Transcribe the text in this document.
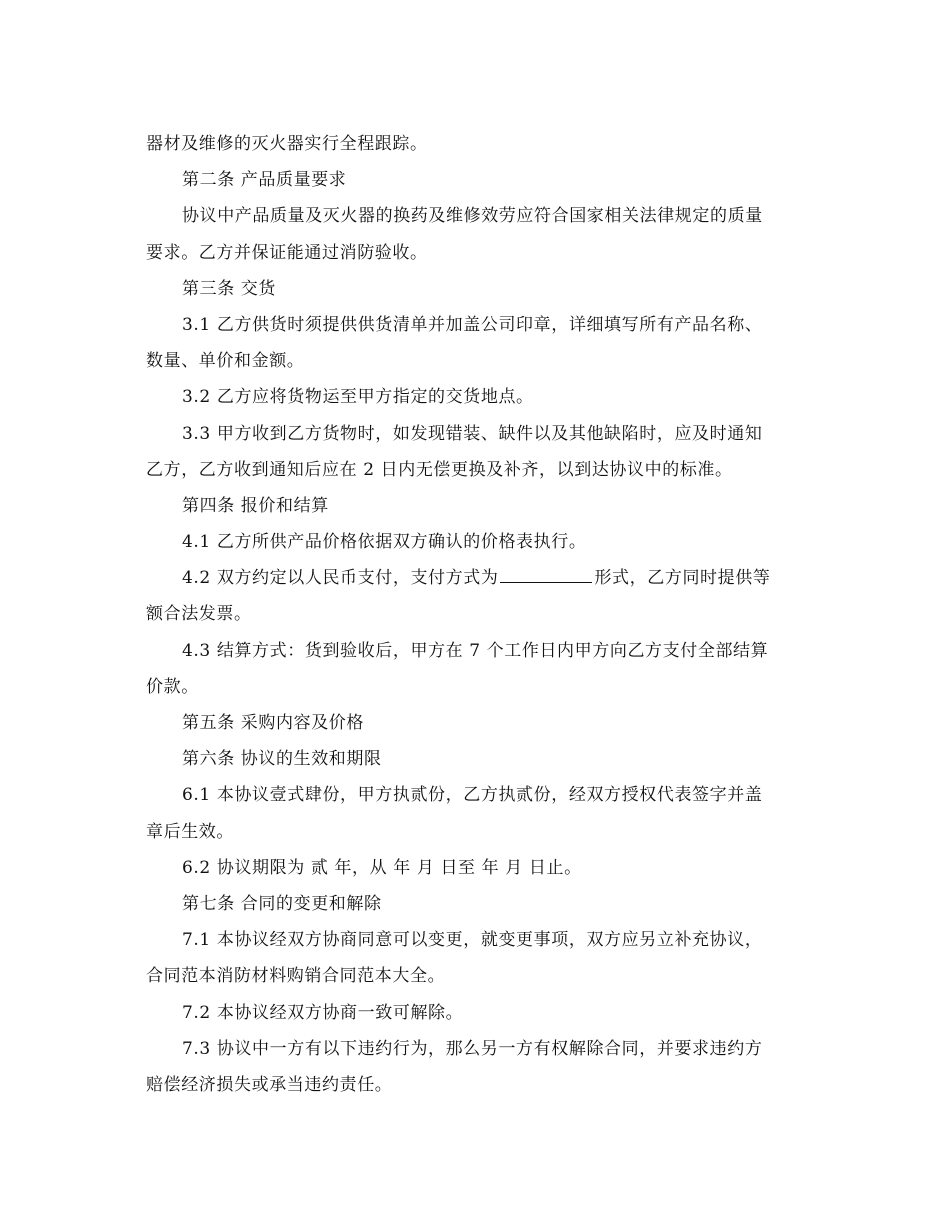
器材及维修的灭火器实行全程跟踪。
第二条 产品质量要求
协议中产品质量及灭火器的换药及维修效劳应符合国家相关法律规定的质量
要求。乙方并保证能通过消防验收。
第三条 交货
3.1 乙方供货时须提供供货清单并加盖公司印章，详细填写所有产品名称、
数量、单价和金额。
3.2 乙方应将货物运至甲方指定的交货地点。
3.3 甲方收到乙方货物时，如发现错装、缺件以及其他缺陷时，应及时通知
乙方，乙方收到通知后应在 2 日内无偿更换及补齐，以到达协议中的标准。
第四条 报价和结算
4.1 乙方所供产品价格依据双方确认的价格表执行。
4.2 双方约定以人民币支付，支付方式为	形式，乙方同时提供等
额合法发票。
4.3 结算方式：货到验收后，甲方在 7 个工作日内甲方向乙方支付全部结算
价款。
第五条 采购内容及价格
第六条 协议的生效和期限
6.1 本协议壹式肆份，甲方执贰份，乙方执贰份，经双方授权代表签字并盖
章后生效。
6.2 协议期限为 贰 年，从 年 月 日至 年 月 日止。
第七条 合同的变更和解除
7.1 本协议经双方协商同意可以变更，就变更事项，双方应另立补充协议，
合同范本消防材料购销合同范本大全。
7.2 本协议经双方协商一致可解除。
7.3 协议中一方有以下违约行为，那么另一方有权解除合同，并要求违约方
赔偿经济损失或承当违约责任。
